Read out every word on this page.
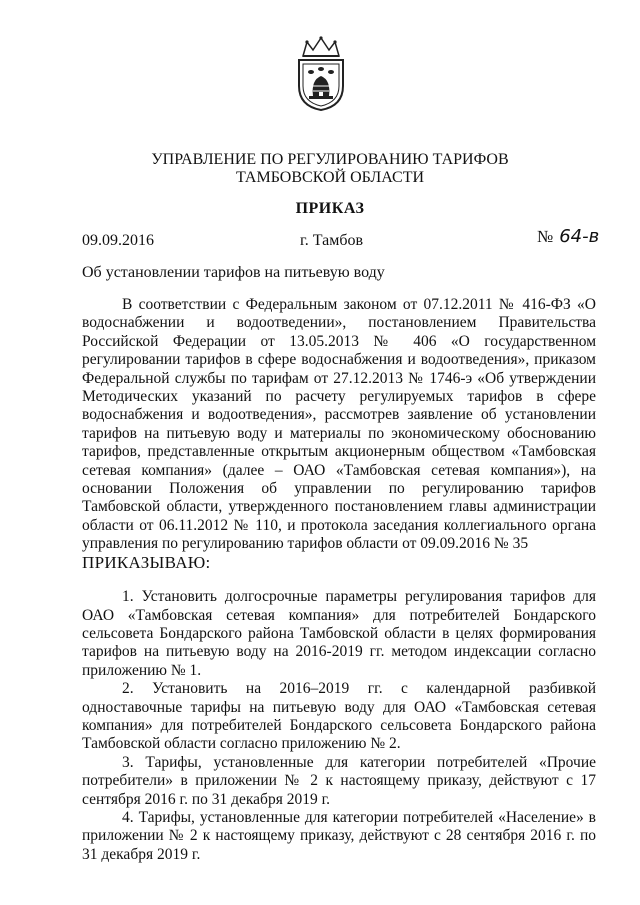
УПРАВЛЕНИЕ ПО РЕГУЛИРОВАНИЮ ТАРИФОВ
ТАМБОВСКОЙ ОБЛАСТИ
ПРИКАЗ
09.09.2016	г. Тамбов	№ 64-в
Об установлении тарифов на питьевую воду

В соответствии с Федеральным законом от 07.12.2011 № 416-ФЗ «О водоснабжении и водоотведении», постановлением Правительства Российской Федерации от 13.05.2013 № 406 «О государственном регулировании тарифов в сфере водоснабжения и водоотведения», приказом Федеральной службы по тарифам от 27.12.2013 № 1746-э «Об утверждении Методических указаний по расчету регулируемых тарифов в сфере водоснабжения и водоотведения», рассмотрев заявление об установлении тарифов на питьевую воду и материалы по экономическому обоснованию тарифов, представленные открытым акционерным обществом «Тамбовская сетевая компания» (далее – ОАО «Тамбовская сетевая компания»), на основании Положения об управлении по регулированию тарифов Тамбовской области, утвержденного постановлением главы администрации области от 06.11.2012 № 110, и протокола заседания коллегиального органа управления по регулированию тарифов области от 09.09.2016 № 35

ПРИКАЗЫВАЮ:

1. Установить долгосрочные параметры регулирования тарифов для ОАО «Тамбовская сетевая компания» для потребителей Бондарского сельсовета Бондарского района Тамбовской области в целях формирования тарифов на питьевую воду на 2016-2019 гг. методом индексации согласно приложению № 1.

2. Установить на 2016–2019 гг. с календарной разбивкой одноставочные тарифы на питьевую воду для ОАО «Тамбовская сетевая компания» для потребителей Бондарского сельсовета Бондарского района Тамбовской области согласно приложению № 2.

3. Тарифы, установленные для категории потребителей «Прочие потребители» в приложении № 2 к настоящему приказу, действуют с 17 сентября 2016 г. по 31 декабря 2019 г.

4. Тарифы, установленные для категории потребителей «Население» в приложении № 2 к настоящему приказу, действуют с 28 сентября 2016 г. по 31 декабря 2019 г.
